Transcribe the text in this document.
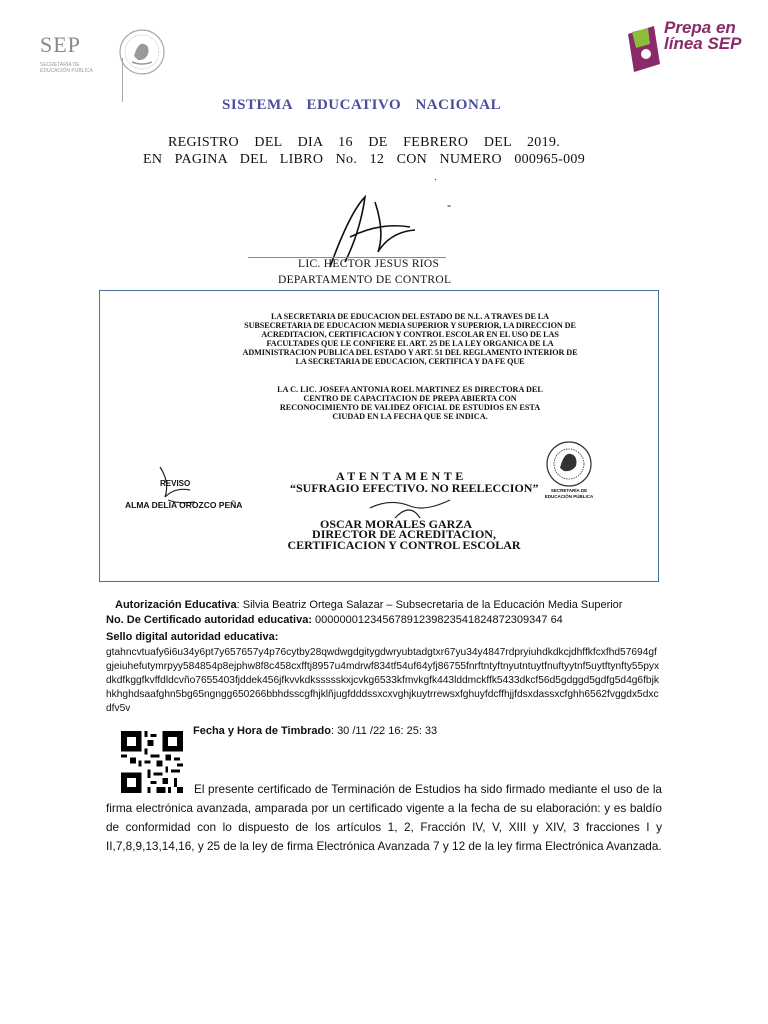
SEP
SECRETARÍA DE EDUCACIÓN PÚBLICA
Prepa en línea SEP
SISTEMA EDUCATIVO NACIONAL
REGISTRO DEL DIA 16 DE FEBRERO DEL 2019.
EN PAGINA DEL LIBRO No. 12 CON NUMERO 000965-009
.
-
LIC. HECTOR JESUS RIOS
DEPARTAMENTO DE CONTROL
LA SECRETARIA DE EDUCACION DEL ESTADO DE N.L. A TRAVES DE LA SUBSECRETARIA DE EDUCACION MEDIA SUPERIOR Y SUPERIOR, LA DIRECCION DE ACREDITACION, CERTIFICACION Y CONTROL ESCOLAR EN EL USO DE LAS FACULTADES QUE LE CONFIERE EL ART. 25 DE LA LEY ORGANICA DE LA ADMINISTRACION PUBLICA DEL ESTADO Y ART. 51 DEL REGLAMENTO INTERIOR DE LA SECRETARIA DE EDUCACION, CERTIFICA Y DA FE QUE
LA C. LIC. JOSEFA ANTONIA ROEL MARTINEZ ES DIRECTORA DEL CENTRO DE CAPACITACION DE PREPA ABIERTA CON RECONOCIMIENTO DE VALIDEZ OFICIAL DE ESTUDIOS EN ESTA CIUDAD EN LA FECHA QUE SE INDICA.
REVISO
ALMA DELIA OROZCO PEÑA
ATENTAMENTE
“SUFRAGIO EFECTIVO. NO REELECCION”	SECRETARÍA DE EDUCACIÓN PÚBLICA
OSCAR MORALES GARZA
DIRECTOR DE ACREDITACION, CERTIFICACION Y CONTROL ESCOLAR
Autorización Educativa: Silvia Beatriz Ortega Salazar – Subsecretaria de la Educación Media Superior
No. De Certificado autoridad educativa: 00000001234567891239823541824872309347 64
Sello digital autoridad educativa:
gtahncvtuafy6i6u34y6pt7y657657y4p76cytby28qwdwgdgitygdwryubtadgtxr67yu34y4847rdpryiuhdkdkcjdhffkfcxfhd57694gfgjeiuhefutymrpyy584854p8ejphw8f8c458cxfftj8957u4mdrwf834tf54uf64yfj86755fnrftntyftnyutntuytfnuftyytnf5uytftynfty55pyxdkdfkggfkvffdldcvño7655403fjddek456jfkvvkdkssssskxjcvkg6533kfmvkgfk443lddmckffk5433dkcf56d5gdggd5gdfg5d4g6fbjkhkhghdsaafghn5bg65ngngg650266bbhdsscgfhjklñjugfdddssxcxvghjkuytrrewsxfghuyfdcffhjjfdsxdassxcfghh6562fvggdx5dxcdfv5v
Fecha y Hora de Timbrado: 30 /11 /22 16: 25: 33
El presente certificado de Terminación de Estudios ha sido firmado mediante el uso de la firma electrónica avanzada, amparada por un certificado vigente a la fecha de su elaboración: y es baldío de conformidad con lo dispuesto de los artículos 1, 2, Fracción IV, V, XIII y XIV, 3 fracciones I y II,7,8,9,13,14,16, y 25 de la ley de firma Electrónica Avanzada 7 y 12 de la ley firma Electrónica Avanzada.
